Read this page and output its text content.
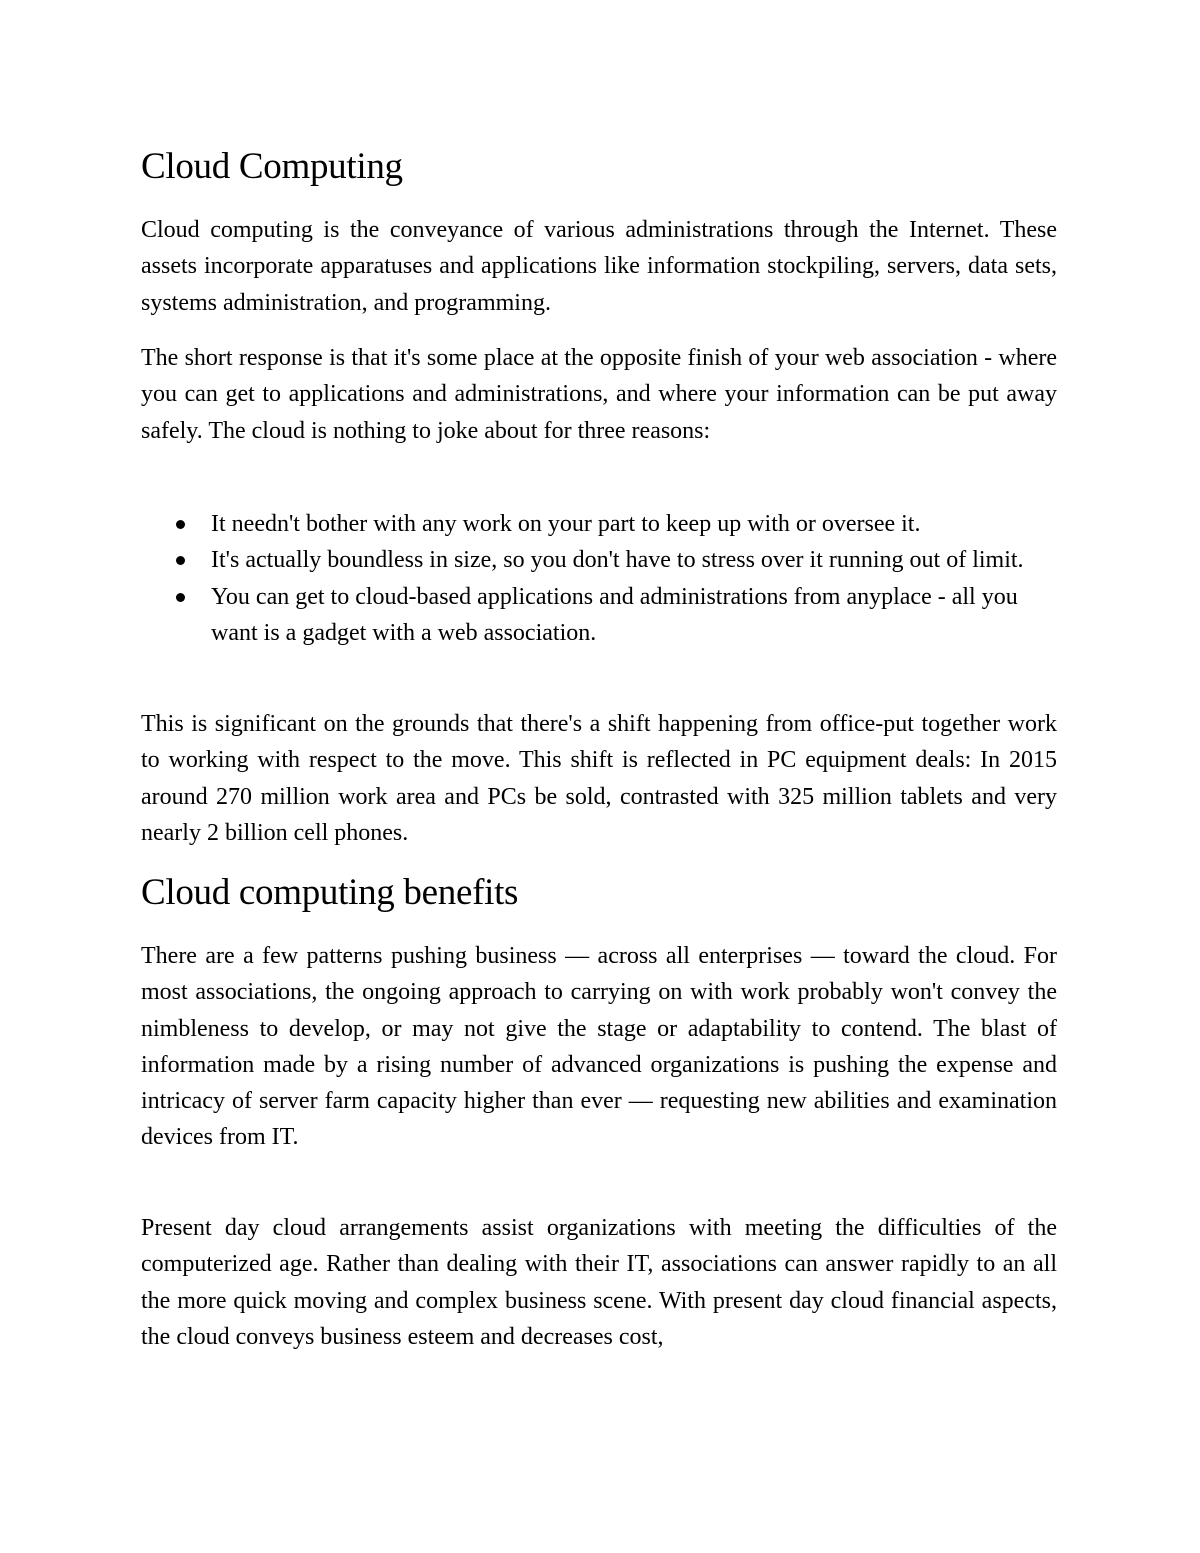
Cloud Computing

Cloud computing is the conveyance of various administrations through the Internet. These assets incorporate apparatuses and applications like information stockpiling, servers, data sets, systems administration, and programming.

The short response is that it's some place at the opposite finish of your web association - where you can get to applications and administrations, and where your information can be put away safely. The cloud is nothing to joke about for three reasons:

It needn't bother with any work on your part to keep up with or oversee it.
It's actually boundless in size, so you don't have to stress over it running out of limit.
You can get to cloud-based applications and administrations from anyplace - all you want is a gadget with a web association.

This is significant on the grounds that there's a shift happening from office-put together work to working with respect to the move. This shift is reflected in PC equipment deals: In 2015 around 270 million work area and PCs be sold, contrasted with 325 million tablets and very nearly 2 billion cell phones.

Cloud computing benefits

There are a few patterns pushing business — across all enterprises — toward the cloud. For most associations, the ongoing approach to carrying on with work probably won't convey the nimbleness to develop, or may not give the stage or adaptability to contend. The blast of information made by a rising number of advanced organizations is pushing the expense and intricacy of server farm capacity higher than ever — requesting new abilities and examination devices from IT.

Present day cloud arrangements assist organizations with meeting the difficulties of the computerized age. Rather than dealing with their IT, associations can answer rapidly to an all the more quick moving and complex business scene. With present day cloud financial aspects, the cloud conveys business esteem and decreases cost,
